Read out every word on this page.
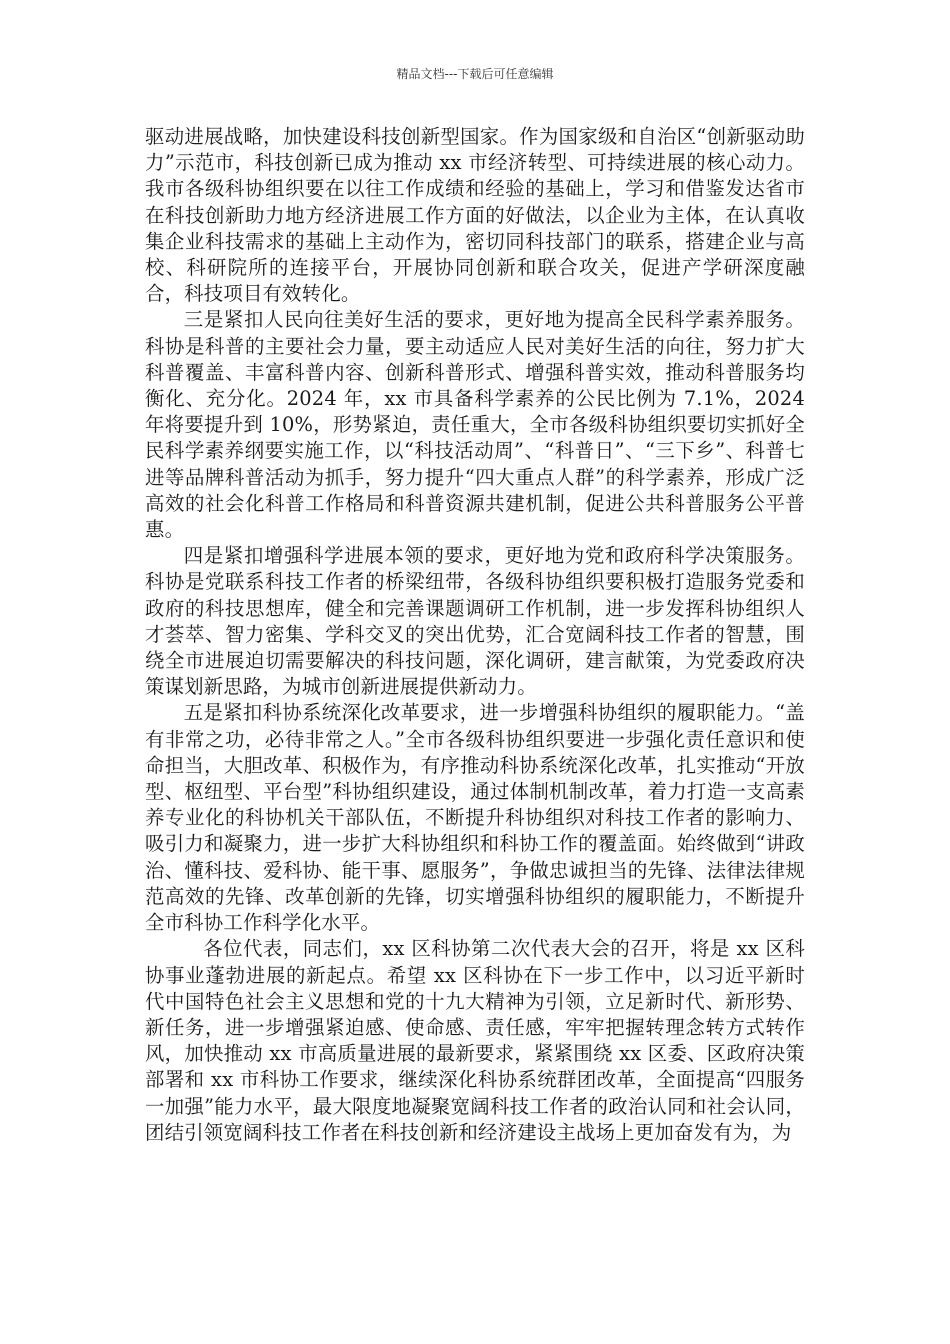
精品文档---下载后可任意编辑

驱动进展战略，加快建设科技创新型国家。作为国家级和自治区“创新驱动助力”示范市，科技创新已成为推动 xx 市经济转型、可持续进展的核心动力。我市各级科协组织要在以往工作成绩和经验的基础上，学习和借鉴发达省市在科技创新助力地方经济进展工作方面的好做法，以企业为主体，在认真收集企业科技需求的基础上主动作为，密切同科技部门的联系，搭建企业与高校、科研院所的连接平台，开展协同创新和联合攻关，促进产学研深度融合，科技项目有效转化。

三是紧扣人民向往美好生活的要求，更好地为提高全民科学素养服务。科协是科普的主要社会力量，要主动适应人民对美好生活的向往，努力扩大科普覆盖、丰富科普内容、创新科普形式、增强科普实效，推动科普服务均衡化、充分化。2024 年，xx 市具备科学素养的公民比例为 7.1%，2024 年将要提升到 10%，形势紧迫，责任重大，全市各级科协组织要切实抓好全民科学素养纲要实施工作，以“科技活动周”、“科普日”、“三下乡”、科普七进等品牌科普活动为抓手，努力提升“四大重点人群”的科学素养，形成广泛高效的社会化科普工作格局和科普资源共建机制，促进公共科普服务公平普惠。

四是紧扣增强科学进展本领的要求，更好地为党和政府科学决策服务。科协是党联系科技工作者的桥梁纽带，各级科协组织要积极打造服务党委和政府的科技思想库，健全和完善课题调研工作机制，进一步发挥科协组织人才荟萃、智力密集、学科交叉的突出优势，汇合宽阔科技工作者的智慧，围绕全市进展迫切需要解决的科技问题，深化调研，建言献策，为党委政府决策谋划新思路，为城市创新进展提供新动力。

五是紧扣科协系统深化改革要求，进一步增强科协组织的履职能力。“盖有非常之功，必待非常之人。”全市各级科协组织要进一步强化责任意识和使命担当，大胆改革、积极作为，有序推动科协系统深化改革，扎实推动“开放型、枢纽型、平台型”科协组织建设，通过体制机制改革，着力打造一支高素养专业化的科协机关干部队伍，不断提升科协组织对科技工作者的影响力、吸引力和凝聚力，进一步扩大科协组织和科协工作的覆盖面。始终做到“讲政治、懂科技、爱科协、能干事、愿服务”，争做忠诚担当的先锋、法律法律规范高效的先锋、改革创新的先锋，切实增强科协组织的履职能力，不断提升全市科协工作科学化水平。

各位代表，同志们，xx 区科协第二次代表大会的召开，将是 xx 区科协事业蓬勃进展的新起点。希望 xx 区科协在下一步工作中，以习近平新时代中国特色社会主义思想和党的十九大精神为引领，立足新时代、新形势、新任务，进一步增强紧迫感、使命感、责任感，牢牢把握转理念转方式转作风，加快推动 xx 市高质量进展的最新要求，紧紧围绕 xx 区委、区政府决策部署和 xx 市科协工作要求，继续深化科协系统群团改革，全面提高“四服务一加强”能力水平，最大限度地凝聚宽阔科技工作者的政治认同和社会认同，团结引领宽阔科技工作者在科技创新和经济建设主战场上更加奋发有为，为
